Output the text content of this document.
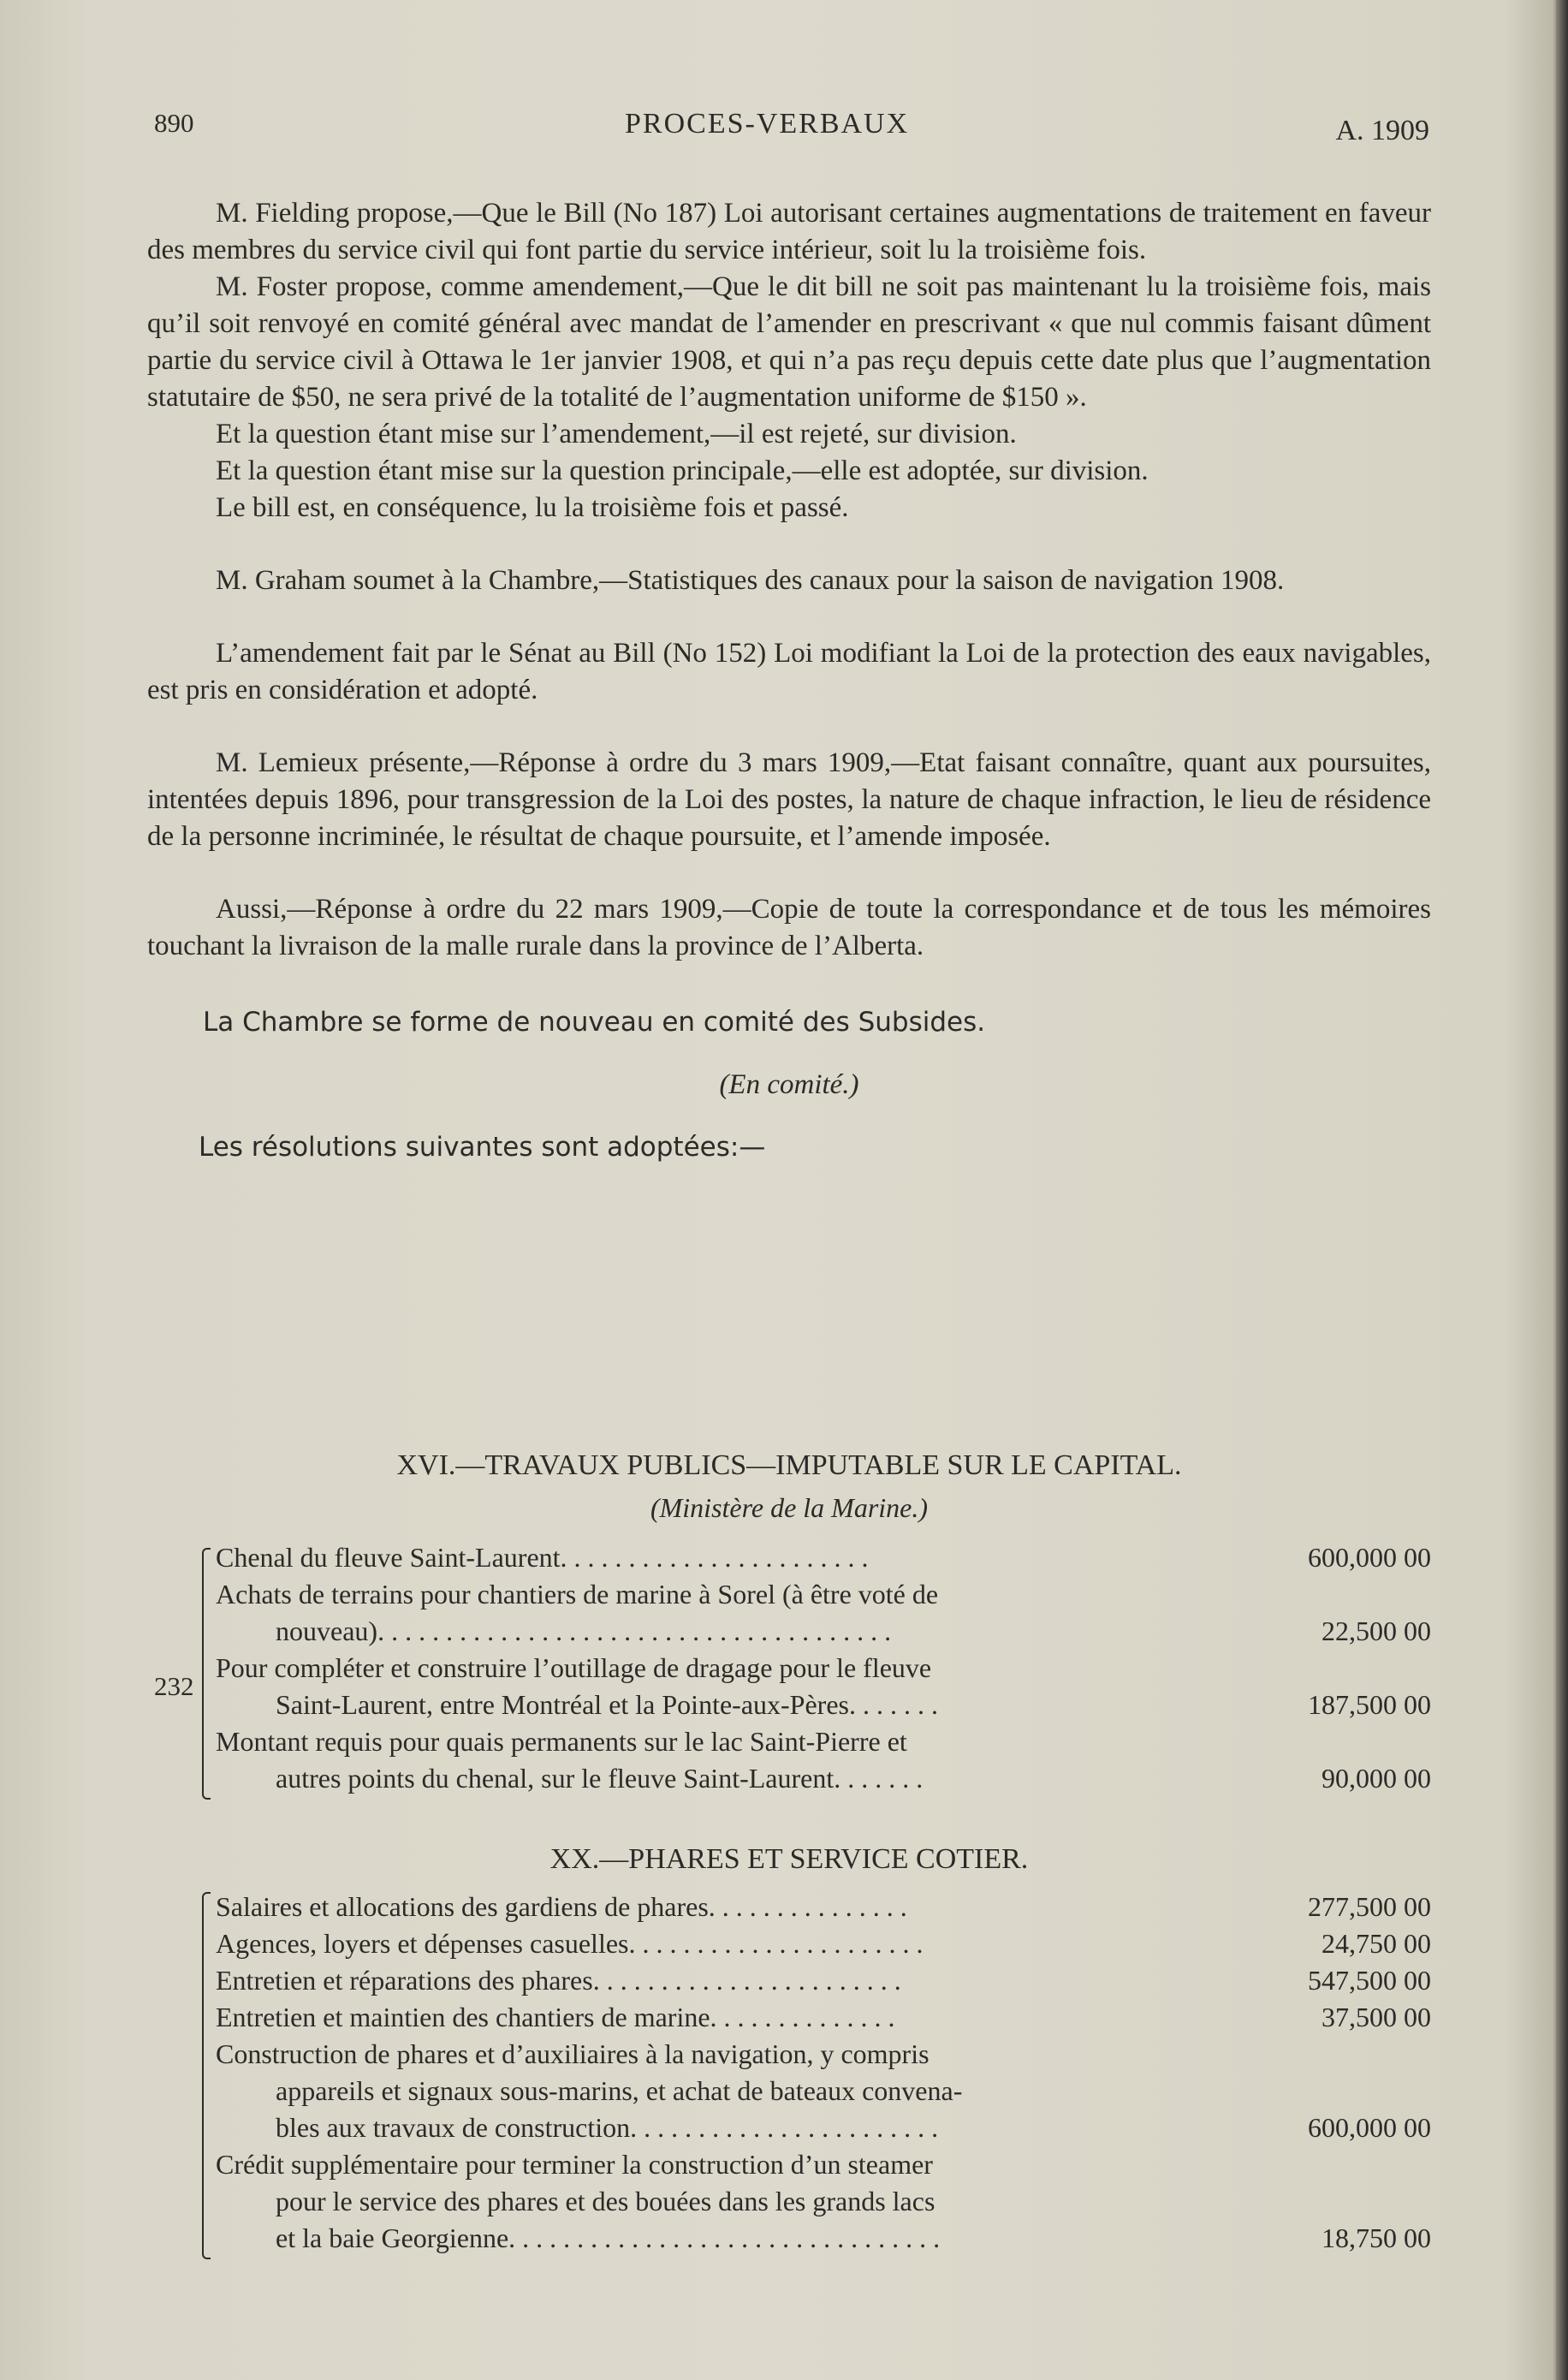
890	PROCES-VERBAUX	A. 1909

M. Fielding propose,—Que le Bill (No 187) Loi autorisant certaines augmentations de traitement en faveur des membres du service civil qui font partie du service intérieur, soit lu la troisième fois.

M. Foster propose, comme amendement,—Que le dit bill ne soit pas maintenant lu la troisième fois, mais qu’il soit renvoyé en comité général avec mandat de l’amender en prescrivant « que nul commis faisant dûment partie du service civil à Ottawa le 1er janvier 1908, et qui n’a pas reçu depuis cette date plus que l’augmentation statutaire de $50, ne sera privé de la totalité de l’augmentation uniforme de $150 ».

Et la question étant mise sur l’amendement,—il est rejeté, sur division.

Et la question étant mise sur la question principale,—elle est adoptée, sur division.

Le bill est, en conséquence, lu la troisième fois et passé.

M. Graham soumet à la Chambre,—Statistiques des canaux pour la saison de navigation 1908.

L’amendement fait par le Sénat au Bill (No 152) Loi modifiant la Loi de la protection des eaux navigables, est pris en considération et adopté.

M. Lemieux présente,—Réponse à ordre du 3 mars 1909,—Etat faisant connaître, quant aux poursuites, intentées depuis 1896, pour transgression de la Loi des postes, la nature de chaque infraction, le lieu de résidence de la personne incriminée, le résultat de chaque poursuite, et l’amende imposée.

Aussi,—Réponse à ordre du 22 mars 1909,—Copie de toute la correspondance et de tous les mémoires touchant la livraison de la malle rurale dans la province de l’Alberta.

La Chambre se forme de nouveau en comité des Subsides.

(En comité.)

Les résolutions suivantes sont adoptées:—

XVI.—TRAVAUX PUBLICS—IMPUTABLE SUR LE CAPITAL.
(Ministère de la Marine.)
232
Chenal du fleuve Saint-Laurent. . . . . . . . . . . . . . . . . . . . . . .	600,000 00
Achats de terrains pour chantiers de marine à Sorel (à être voté de
nouveau). . . . . . . . . . . . . . . . . . . . . . . . . . . . . . . . . . . . . .	22,500 00
Pour compléter et construire l’outillage de dragage pour le fleuve
Saint-Laurent, entre Montréal et la Pointe-aux-Pères. . . . . . .	187,500 00
Montant requis pour quais permanents sur le lac Saint-Pierre et
autres points du chenal, sur le fleuve Saint-Laurent. . . . . . .	90,000 00
XX.—PHARES ET SERVICE COTIER.
Salaires et allocations des gardiens de phares. . . . . . . . . . . . . . .	277,500 00
Agences, loyers et dépenses casuelles. . . . . . . . . . . . . . . . . . . . . .	24,750 00
Entretien et réparations des phares. . . . . . . . . . . . . . . . . . . . . . .	547,500 00
Entretien et maintien des chantiers de marine. . . . . . . . . . . . . .	37,500 00
Construction de phares et d’auxiliaires à la navigation, y compris
appareils et signaux sous-marins, et achat de bateaux convena-
bles aux travaux de construction. . . . . . . . . . . . . . . . . . . . . . .	600,000 00
Crédit supplémentaire pour terminer la construction d’un steamer
pour le service des phares et des bouées dans les grands lacs
et la baie Georgienne. . . . . . . . . . . . . . . . . . . . . . . . . . . . . . . .	18,750 00
